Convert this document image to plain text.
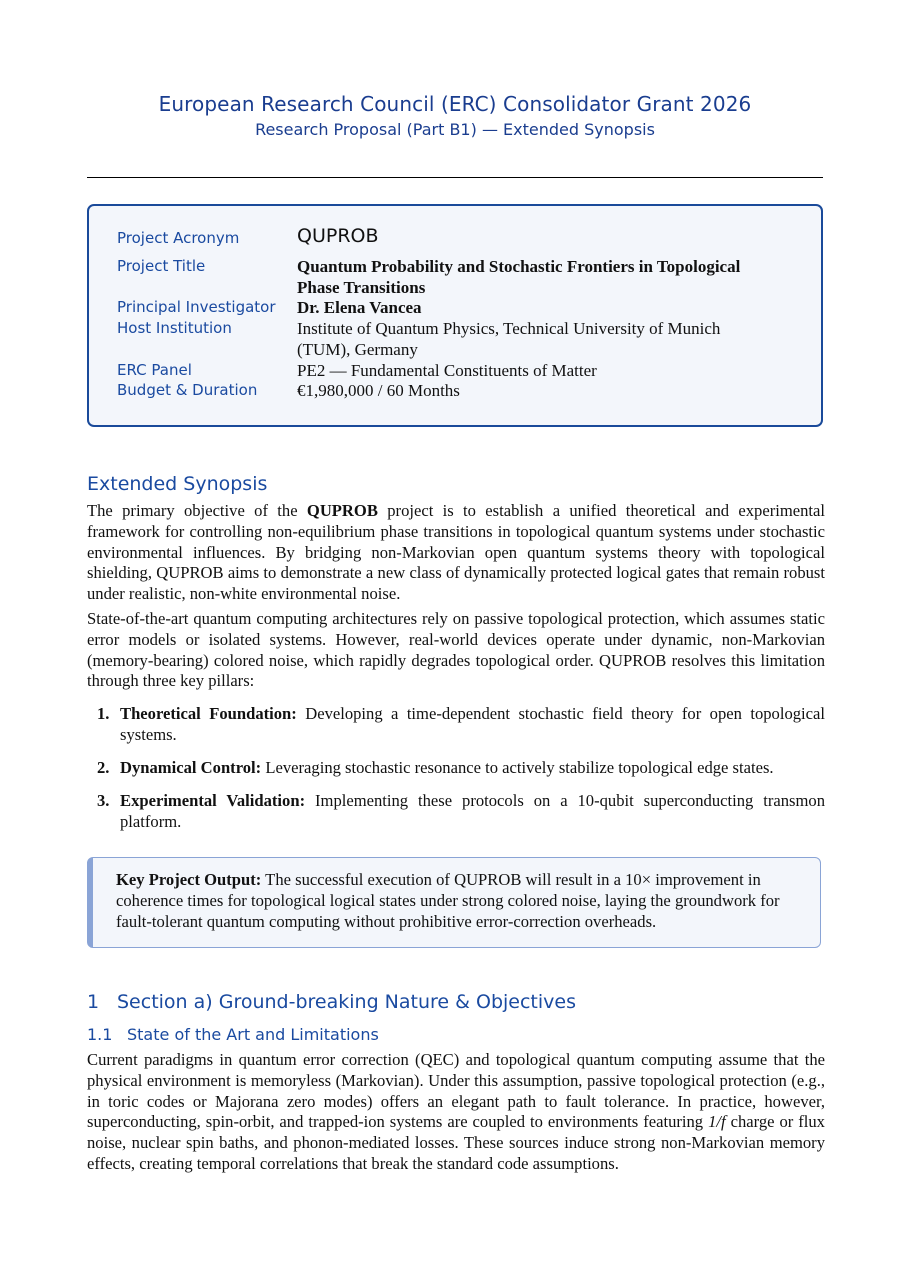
European Research Council (ERC) Consolidator Grant 2026
Research Proposal (Part B1) — Extended Synopsis
Project Acronym	QUPROB
Project Title	Quantum Probability and Stochastic Frontiers in Topological
Phase Transitions
Principal Investigator	Dr. Elena Vancea
Host Institution	Institute of Quantum Physics, Technical University of Munich
(TUM), Germany
ERC Panel	PE2 — Fundamental Constituents of Matter
Budget & Duration	€1,980,000 / 60 Months
Extended Synopsis
The primary objective of the QUPROB project is to establish a unified theoretical and experimental framework for controlling non-equilibrium phase transitions in topological quantum systems under stochastic environmental influences. By bridging non-Markovian open quantum systems theory with topological shielding, QUPROB aims to demonstrate a new class of dynamically protected logical gates that remain robust under realistic, non-white environmental noise.
State-of-the-art quantum computing architectures rely on passive topological protection, which assumes static error models or isolated systems. However, real-world devices operate under dynamic, non-Markovian (memory-bearing) colored noise, which rapidly degrades topological order. QUPROB resolves this limitation through three key pillars:
1. Theoretical Foundation: Developing a time-dependent stochastic field theory for open topological systems.
2. Dynamical Control: Leveraging stochastic resonance to actively stabilize topological edge states.
3. Experimental Validation: Implementing these protocols on a 10-qubit superconducting transmon platform.
Key Project Output: The successful execution of QUPROB will result in a 10× improvement in coherence times for topological logical states under strong colored noise, laying the groundwork for fault-tolerant quantum computing without prohibitive error-correction overheads.
1 Section a) Ground-breaking Nature & Objectives
1.1 State of the Art and Limitations
Current paradigms in quantum error correction (QEC) and topological quantum computing assume that the physical environment is memoryless (Markovian). Under this assumption, passive topological protection (e.g., in toric codes or Majorana zero modes) offers an elegant path to fault tolerance. In practice, however, superconducting, spin-orbit, and trapped-ion systems are coupled to environments featuring 1/f charge or flux noise, nuclear spin baths, and phonon-mediated losses. These sources induce strong non-Markovian memory effects, creating temporal correlations that break the standard code assumptions.
